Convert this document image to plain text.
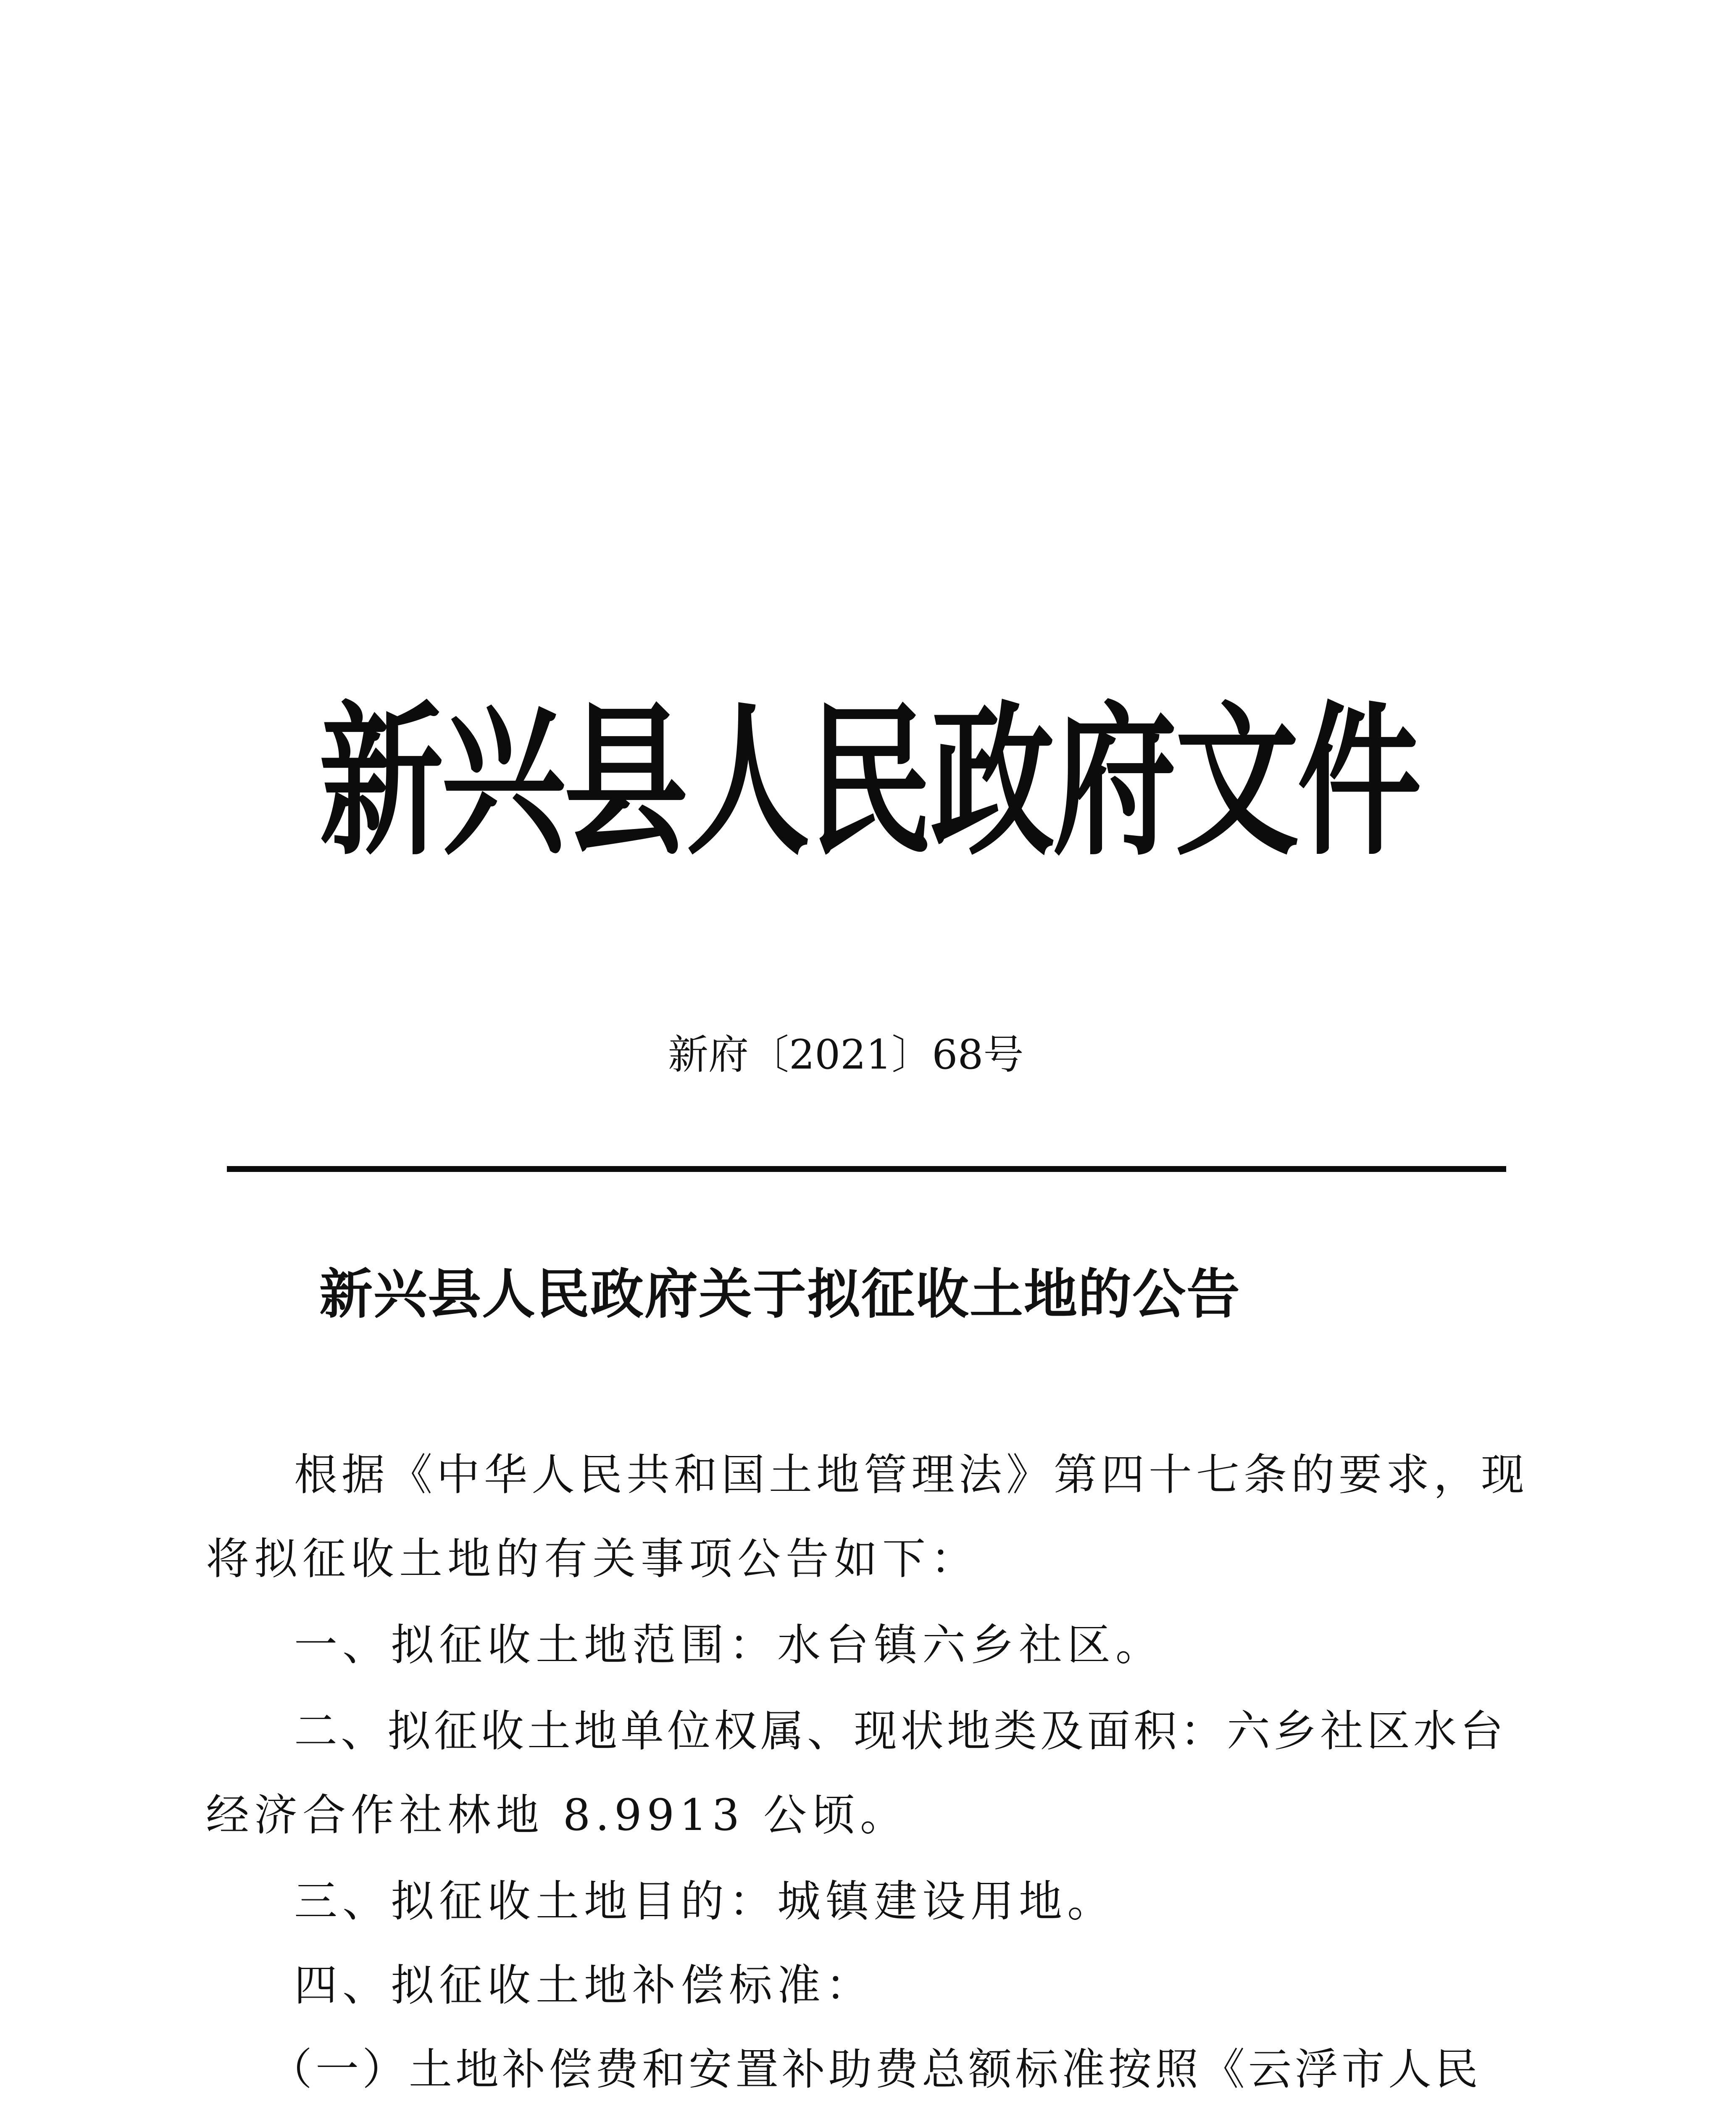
新兴县人民政府文件
新府〔2021〕68号
新兴县人民政府关于拟征收土地的公告
根据《中华人民共和国土地管理法》第四十七条的要求，现
将拟征收土地的有关事项公告如下：
一、拟征收土地范围：水台镇六乡社区。
二、拟征收土地单位权属、现状地类及面积：六乡社区水台
经济合作社林地 8.9913 公顷。
三、拟征收土地目的：城镇建设用地。
四、拟征收土地补偿标准：
（一）土地补偿费和安置补助费总额标准按照《云浮市人民
